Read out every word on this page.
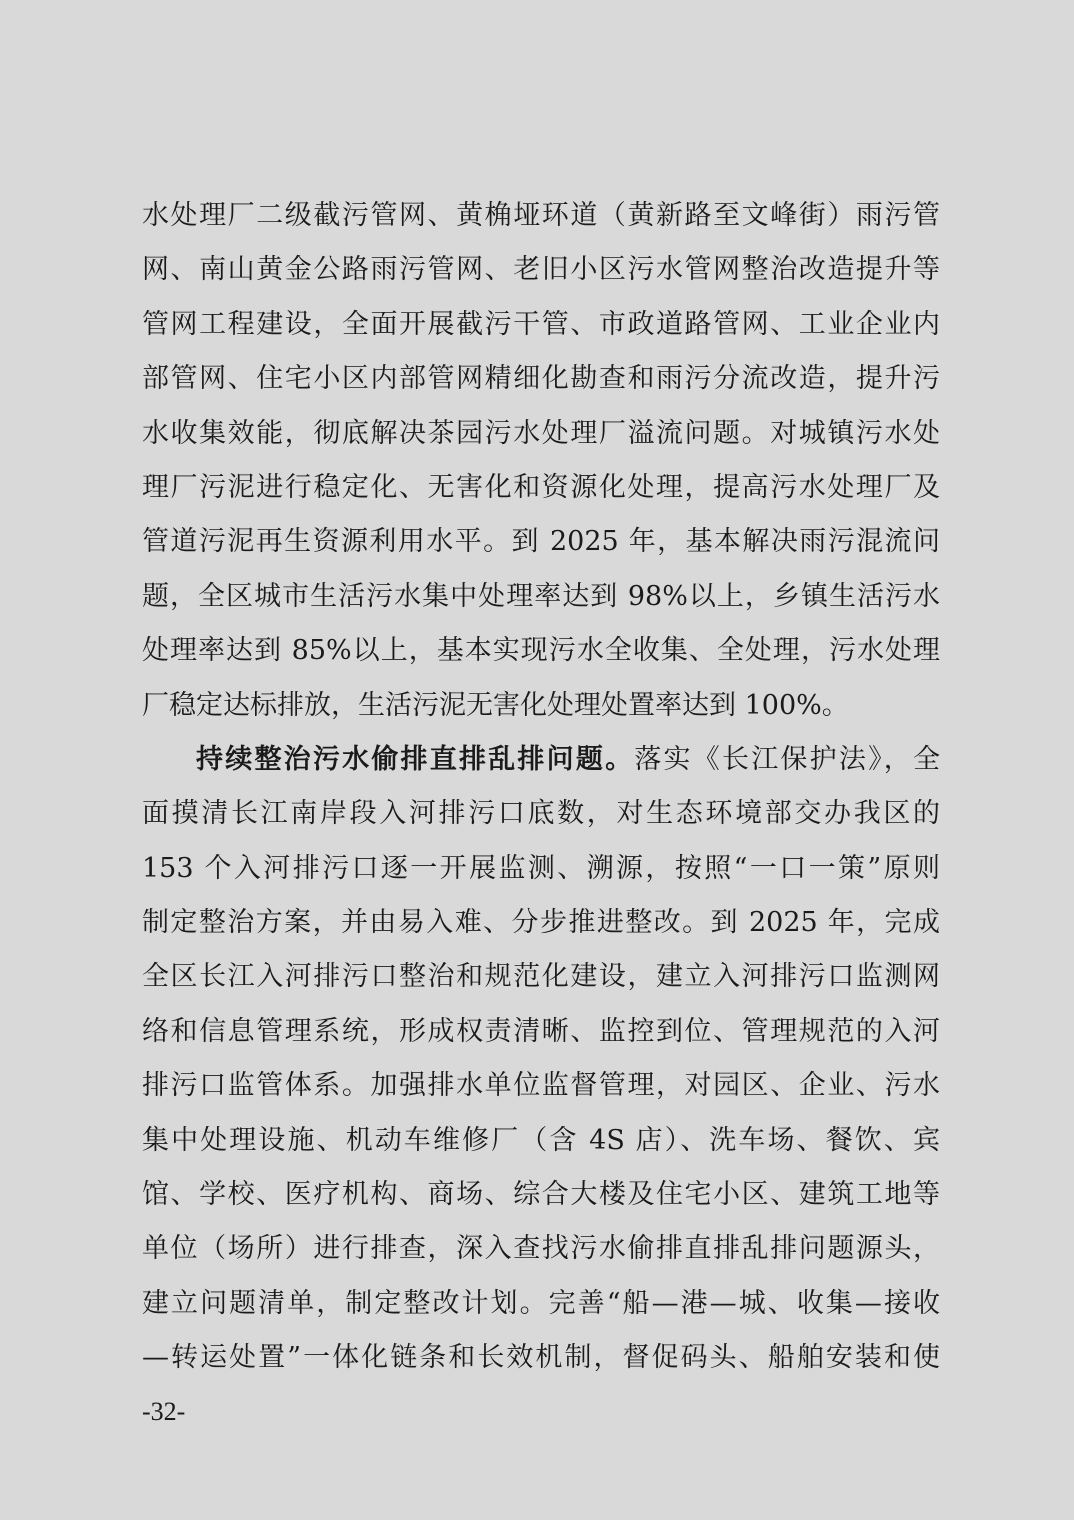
水处理厂二级截污管网、黄桷垭环道（黄新路至文峰街）雨污管
网、南山黄金公路雨污管网、老旧小区污水管网整治改造提升等
管网工程建设，全面开展截污干管、市政道路管网、工业企业内
部管网、住宅小区内部管网精细化勘查和雨污分流改造，提升污
水收集效能，彻底解决茶园污水处理厂溢流问题。对城镇污水处
理厂污泥进行稳定化、无害化和资源化处理，提高污水处理厂及
管道污泥再生资源利用水平。到 2025 年，基本解决雨污混流问
题，全区城市生活污水集中处理率达到 98%以上，乡镇生活污水
处理率达到 85%以上，基本实现污水全收集、全处理，污水处理
厂稳定达标排放，生活污泥无害化处理处置率达到 100%。
持续整治污水偷排直排乱排问题。落实《长江保护法》，全
面摸清长江南岸段入河排污口底数，对生态环境部交办我区的
153 个入河排污口逐一开展监测、溯源，按照“一口一策”原则
制定整治方案，并由易入难、分步推进整改。到 2025 年，完成
全区长江入河排污口整治和规范化建设，建立入河排污口监测网
络和信息管理系统，形成权责清晰、监控到位、管理规范的入河
排污口监管体系。加强排水单位监督管理，对园区、企业、污水
集中处理设施、机动车维修厂（含 4S 店）、洗车场、餐饮、宾
馆、学校、医疗机构、商场、综合大楼及住宅小区、建筑工地等
单位（场所）进行排查，深入查找污水偷排直排乱排问题源头，
建立问题清单，制定整改计划。完善“船—港—城、收集—接收
—转运处置”一体化链条和长效机制，督促码头、船舶安装和使
-32-
